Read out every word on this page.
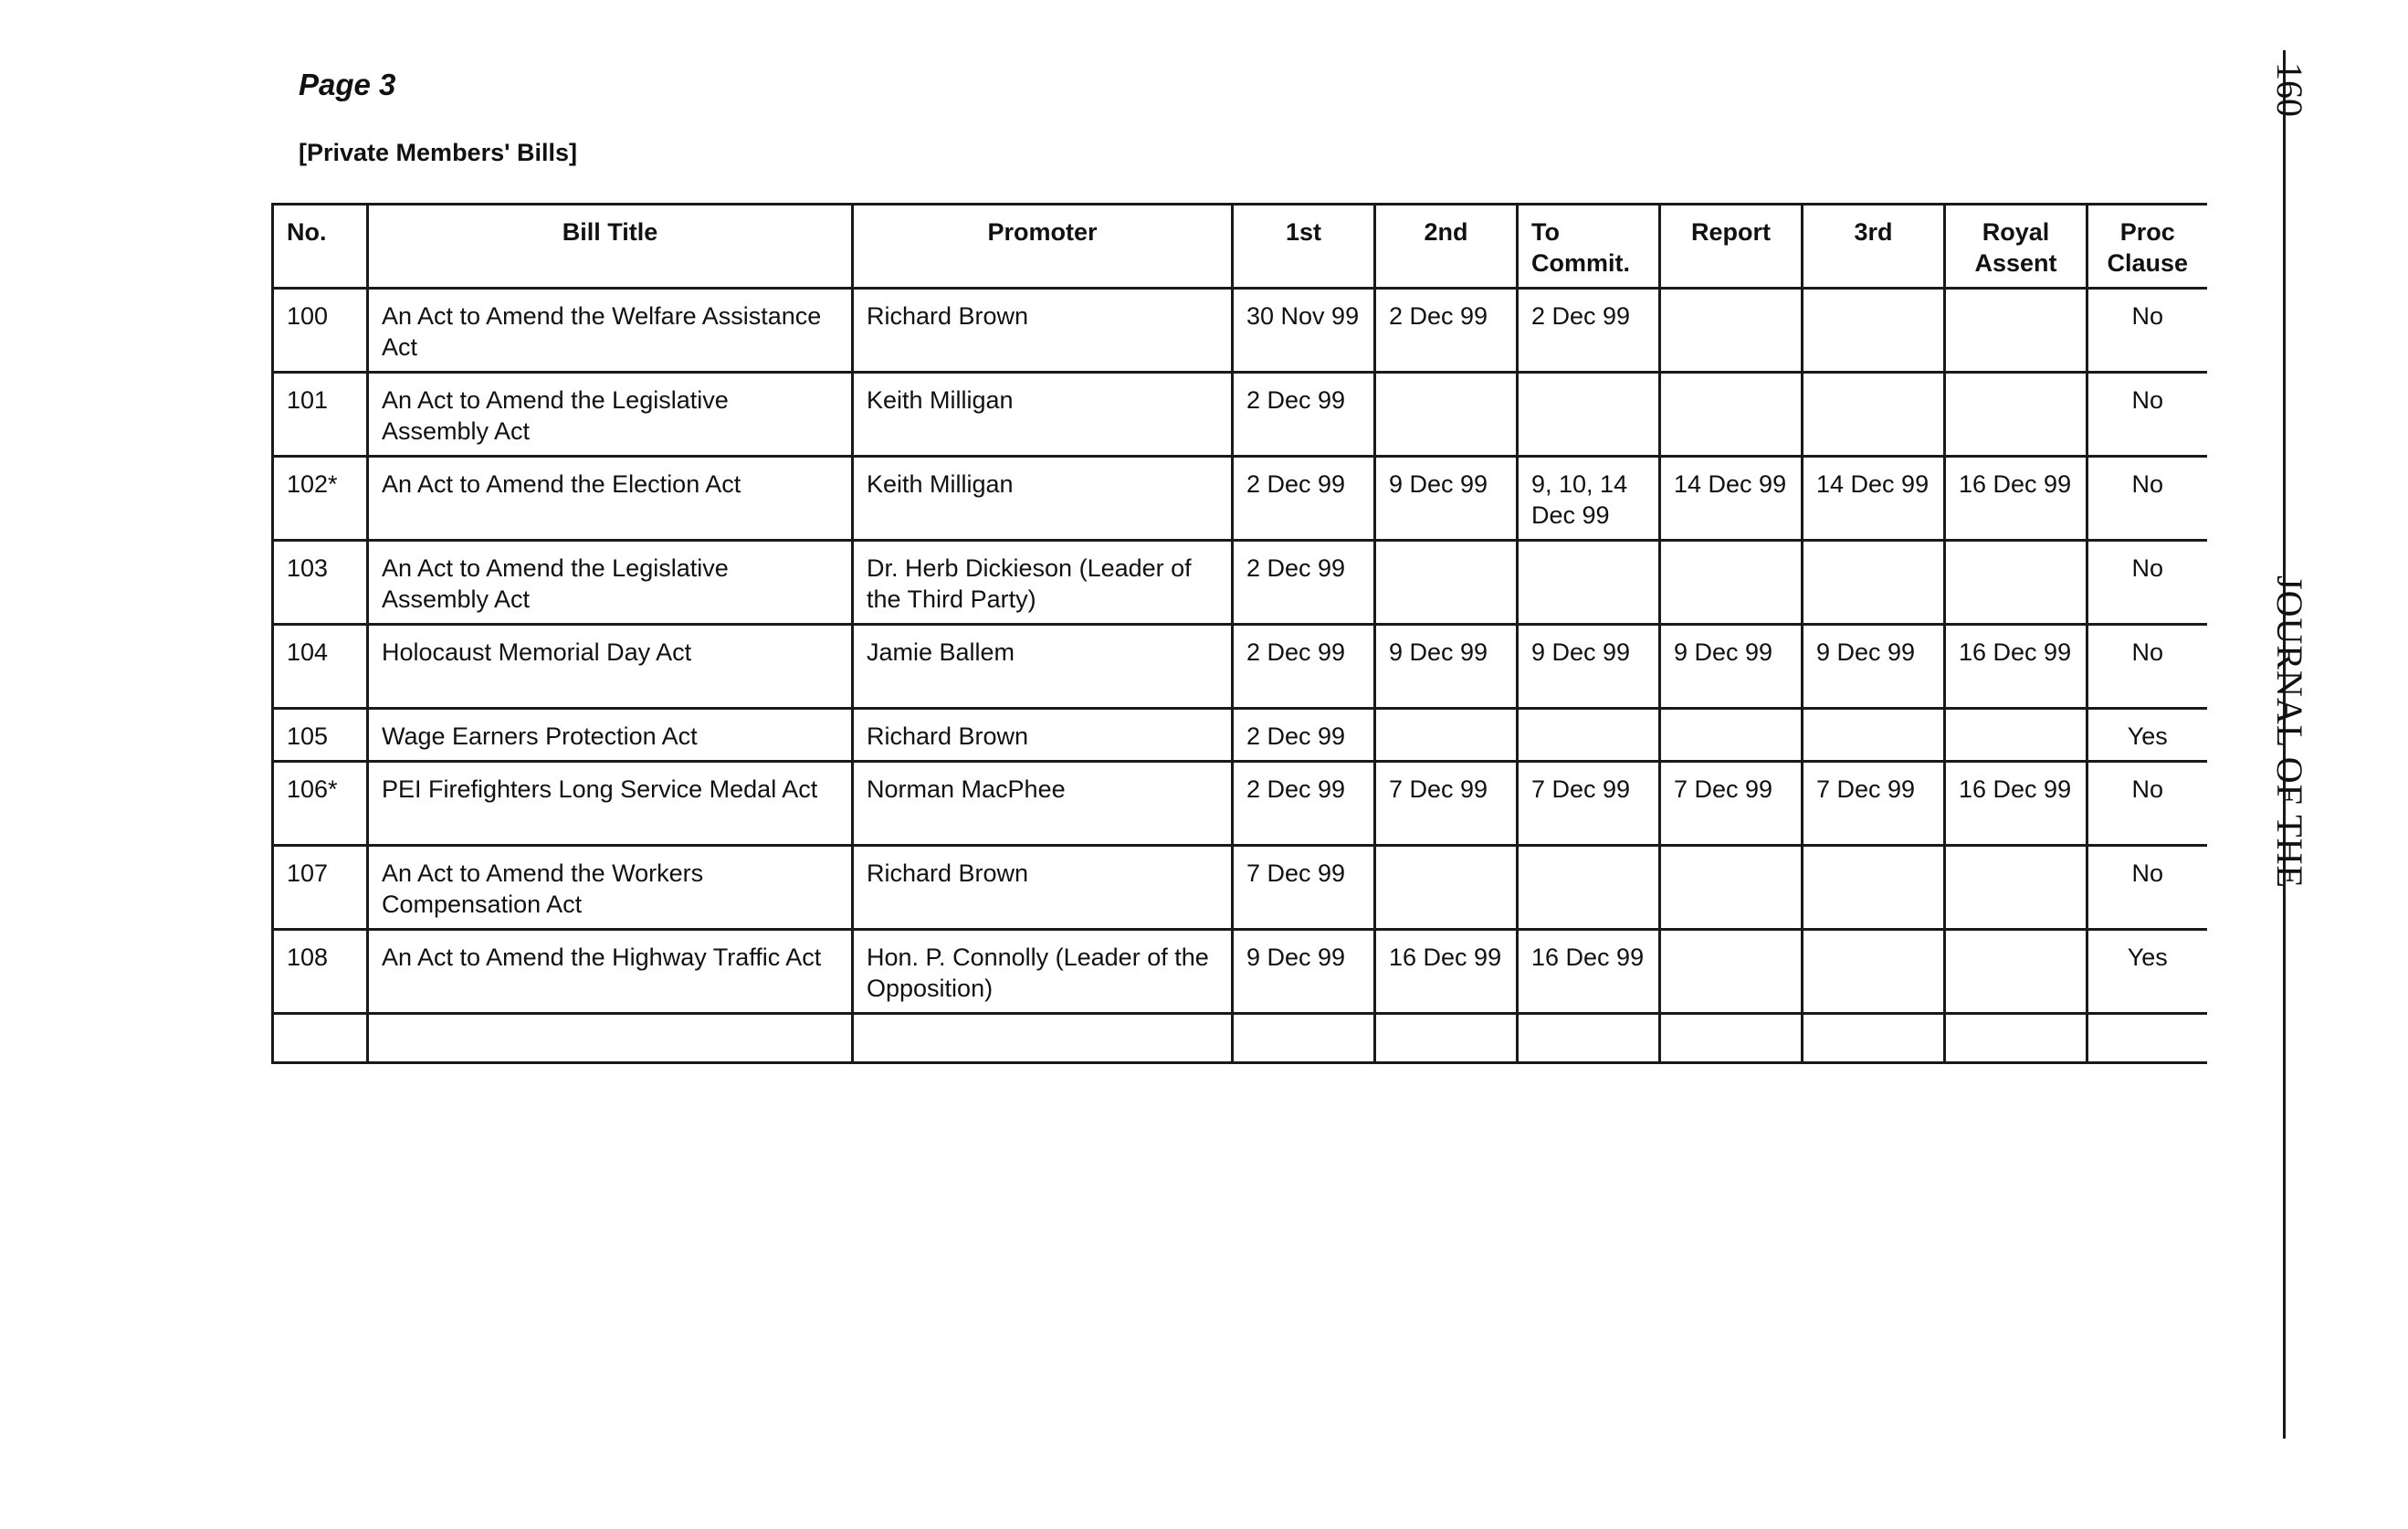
Page 3
[Private Members' Bills]
No.	Bill Title	Promoter	1st	2nd	To Commit.	Report	3rd	Royal Assent	Proc Clause
100	An Act to Amend the Welfare Assistance Act	Richard Brown	30 Nov 99	2 Dec 99	2 Dec 99				No
101	An Act to Amend the Legislative Assembly Act	Keith Milligan	2 Dec 99						No
102*	An Act to Amend the Election Act	Keith Milligan	2 Dec 99	9 Dec 99	9, 10, 14 Dec 99	14 Dec 99	14 Dec 99	16 Dec 99	No
103	An Act to Amend the Legislative Assembly Act	Dr. Herb Dickieson (Leader of the Third Party)	2 Dec 99						No
104	Holocaust Memorial Day Act	Jamie Ballem	2 Dec 99	9 Dec 99	9 Dec 99	9 Dec 99	9 Dec 99	16 Dec 99	No
105	Wage Earners Protection Act	Richard Brown	2 Dec 99						Yes
106*	PEI Firefighters Long Service Medal Act	Norman MacPhee	2 Dec 99	7 Dec 99	7 Dec 99	7 Dec 99	7 Dec 99	16 Dec 99	No
107	An Act to Amend the Workers Compensation Act	Richard Brown	7 Dec 99						No
108	An Act to Amend the Highway Traffic Act	Hon. P. Connolly (Leader of the Opposition)	9 Dec 99	16 Dec 99	16 Dec 99				Yes

160
JOURNAL OF THE
